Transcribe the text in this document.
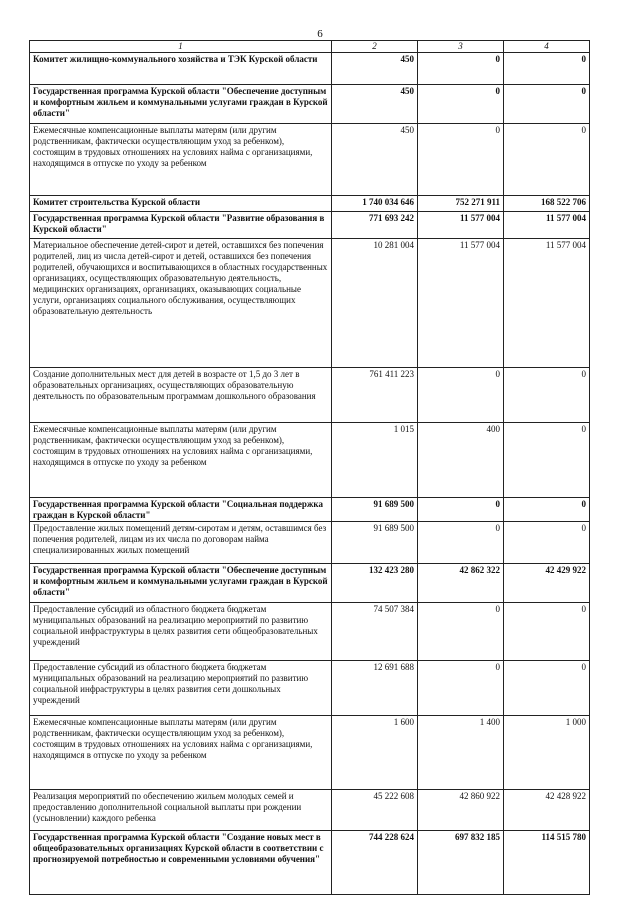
6
1	2	3	4
Комитет жилищно-коммунального хозяйства и ТЭК Курской области	450	0	0
Государственная программа Курской области "Обеспечение доступным и комфортным жильем и коммунальными услугами граждан в Курской области"	450	0	0
Ежемесячные компенсационные выплаты матерям (или другим родственникам, фактически осуществляющим уход за ребенком), состоящим в трудовых отношениях на условиях найма с организациями, находящимся в отпуске по уходу за ребенком	450	0	0
Комитет строительства Курской области	1 740 034 646	752 271 911	168 522 706
Государственная программа Курской области "Развитие образования в Курской области"	771 693 242	11 577 004	11 577 004
Материальное обеспечение детей-сирот и детей, оставшихся без попечения родителей, лиц из числа детей-сирот и детей, оставшихся без попечения родителей, обучающихся и воспитывающихся в областных государственных организациях, осуществляющих образовательную деятельность, медицинских организациях, организациях, оказывающих социальные услуги, организациях социального обслуживания, осуществляющих образовательную деятельность	10 281 004	11 577 004	11 577 004
Создание дополнительных мест для детей в возрасте от 1,5 до 3 лет в образовательных организациях, осуществляющих образовательную деятельность по образовательным программам дошкольного образования	761 411 223	0	0
Ежемесячные компенсационные выплаты матерям (или другим родственникам, фактически осуществляющим уход за ребенком), состоящим в трудовых отношениях на условиях найма с организациями, находящимся в отпуске по уходу за ребенком	1 015	400	0
Государственная программа Курской области "Социальная поддержка граждан в Курской области"	91 689 500	0	0
Предоставление жилых помещений детям-сиротам и детям, оставшимся без попечения родителей, лицам из их числа по договорам найма специализированных жилых помещений	91 689 500	0	0
Государственная программа Курской области "Обеспечение доступным и комфортным жильем и коммунальными услугами граждан в Курской области"	132 423 280	42 862 322	42 429 922
Предоставление субсидий из областного бюджета бюджетам муниципальных образований на реализацию мероприятий по развитию социальной инфраструктуры в целях развития сети общеобразовательных учреждений	74 507 384	0	0
Предоставление субсидий из областного бюджета бюджетам муниципальных образований на реализацию мероприятий по развитию социальной инфраструктуры в целях развития сети дошкольных учреждений	12 691 688	0	0
Ежемесячные компенсационные выплаты матерям (или другим родственникам, фактически осуществляющим уход за ребенком), состоящим в трудовых отношениях на условиях найма с организациями, находящимся в отпуске по уходу за ребенком	1 600	1 400	1 000
Реализация мероприятий по обеспечению жильем молодых семей и предоставлению дополнительной социальной выплаты при рождении (усыновлении) каждого ребенка	45 222 608	42 860 922	42 428 922
Государственная программа Курской области "Создание новых мест в общеобразовательных организациях Курской области в соответствии с прогнозируемой потребностью и современными условиями обучения"	744 228 624	697 832 185	114 515 780
